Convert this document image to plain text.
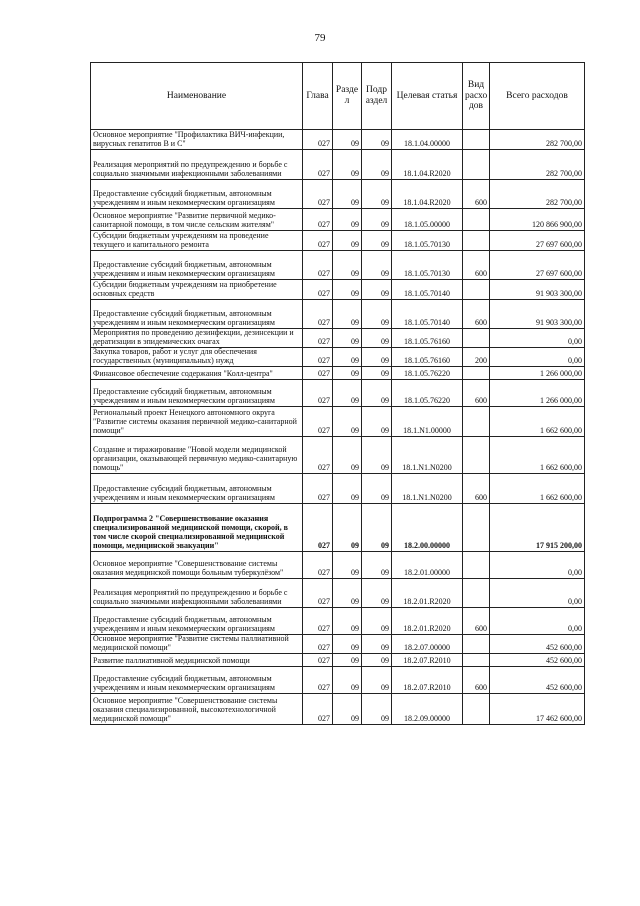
79
Наименование	Глава	Разде л	Подр аздел	Целевая статья	Вид расхо дов	Всего расходов
Основное мероприятие "Профилактика ВИЧ-инфекции, вирусных гепатитов В и С"	027	09	09	18.1.04.00000		282 700,00
Реализация мероприятий по предупреждению и борьбе с социально значимыми инфекционными заболеваниями	027	09	09	18.1.04.R2020		282 700,00
Предоставление субсидий бюджетным, автономным учреждениям и иным некоммерческим организациям	027	09	09	18.1.04.R2020	600	282 700,00
Основное мероприятие "Развитие первичной медико-санитарной помощи, в том числе сельским жителям"	027	09	09	18.1.05.00000		120 866 900,00
Субсидии бюджетным учреждениям на проведение текущего и капитального ремонта	027	09	09	18.1.05.70130		27 697 600,00
Предоставление субсидий бюджетным, автономным учреждениям и иным некоммерческим организациям	027	09	09	18.1.05.70130	600	27 697 600,00
Субсидии бюджетным учреждениям на приобретение основных средств	027	09	09	18.1.05.70140		91 903 300,00
Предоставление субсидий бюджетным, автономным учреждениям и иным некоммерческим организациям	027	09	09	18.1.05.70140	600	91 903 300,00
Мероприятия по проведению дезинфекции, дезинсекции и дератизации в эпидемических очагах	027	09	09	18.1.05.76160		0,00
Закупка товаров, работ и услуг для обеспечения государственных (муниципальных) нужд	027	09	09	18.1.05.76160	200	0,00
Финансовое обеспечение содержания "Колл-центра"	027	09	09	18.1.05.76220		1 266 000,00
Предоставление субсидий бюджетным, автономным учреждениям и иным некоммерческим организациям	027	09	09	18.1.05.76220	600	1 266 000,00
Региональный проект Ненецкого автономного округа "Развитие системы оказания первичной медико-санитарной помощи"	027	09	09	18.1.N1.00000		1 662 600,00
Создание и тиражирование "Новой модели медицинской организации, оказывающей первичную медико-санитарную помощь"	027	09	09	18.1.N1.N0200		1 662 600,00
Предоставление субсидий бюджетным, автономным учреждениям и иным некоммерческим организациям	027	09	09	18.1.N1.N0200	600	1 662 600,00
Подпрограмма 2 "Совершенствование оказания специализированной медицинской помощи, скорой, в том числе скорой специализированной медицинской помощи, медицинской эвакуации"	027	09	09	18.2.00.00000		17 915 200,00
Основное мероприятие "Совершенствование системы оказания медицинской помощи больным туберкулёзом"	027	09	09	18.2.01.00000		0,00
Реализация мероприятий по предупреждению и борьбе с социально значимыми инфекционными заболеваниями	027	09	09	18.2.01.R2020		0,00
Предоставление субсидий бюджетным, автономным учреждениям и иным некоммерческим организациям	027	09	09	18.2.01.R2020	600	0,00
Основное мероприятие "Развитие системы паллиативной медицинской помощи"	027	09	09	18.2.07.00000		452 600,00
Развитие паллиативной медицинской помощи	027	09	09	18.2.07.R2010		452 600,00
Предоставление субсидий бюджетным, автономным учреждениям и иным некоммерческим организациям	027	09	09	18.2.07.R2010	600	452 600,00
Основное мероприятие "Совершенствование системы оказания специализированной, высокотехнологичной медицинской помощи"	027	09	09	18.2.09.00000		17 462 600,00
